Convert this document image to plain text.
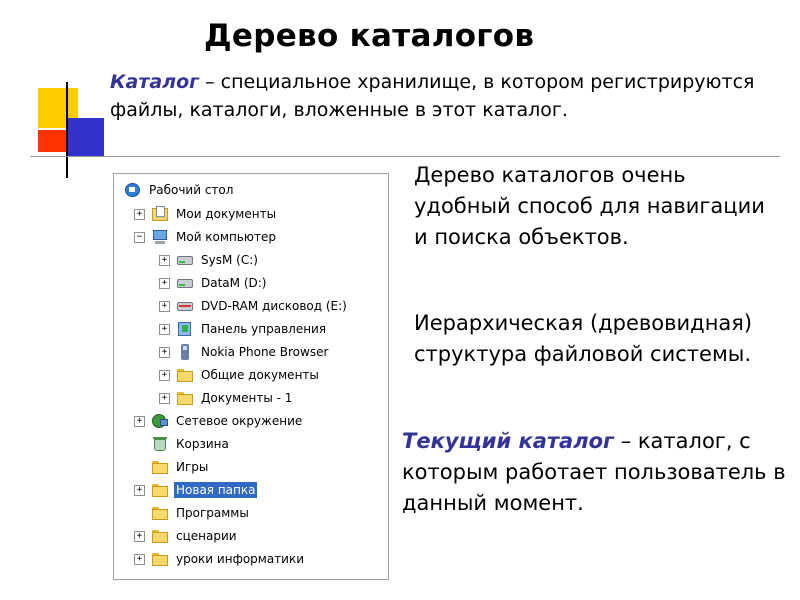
Дерево каталогов

Каталог – специальное хранилище, в котором регистрируются файлы, каталоги, вложенные в этот каталог.

Рабочий стол
+	Мои документы
−	Мой компьютер
+	SysM (C:)
+	DataM (D:)
+	DVD-RAM дисковод (E:)
+	Панель управления
+	Nokia Phone Browser
+	Общие документы
+	Документы - 1
+	Сетевое окружение
Корзина
Игры
+	Новая папка
Программы
+	сценарии
+	уроки информатики

Дерево каталогов очень удобный способ для навигации и поиска объектов.

Иерархическая (древовидная) структура файловой системы.

Текущий каталог – каталог, с которым работает пользователь в данный момент.
